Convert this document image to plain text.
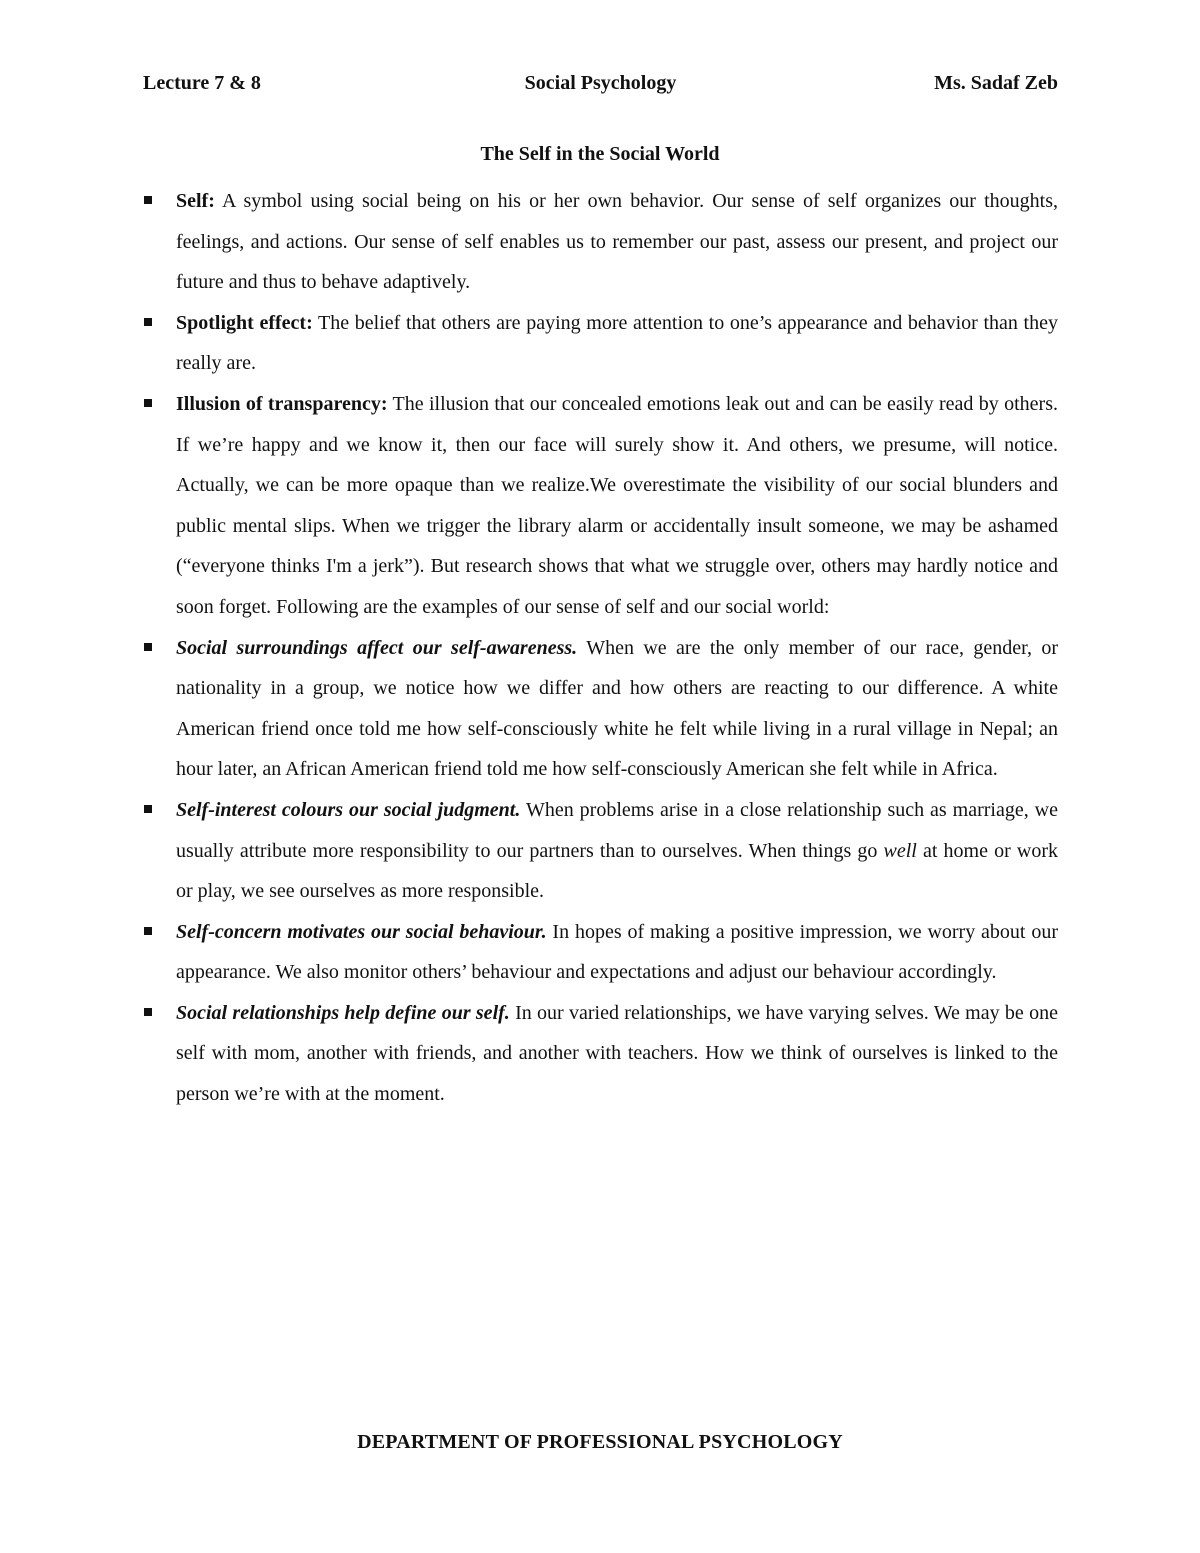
Lecture 7 & 8	Social Psychology	Ms. Sadaf Zeb
The Self in the Social World
Self: A symbol using social being on his or her own behavior. Our sense of self organizes our thoughts, feelings, and actions. Our sense of self enables us to remember our past, assess our present, and project our future and thus to behave adaptively.
Spotlight effect: The belief that others are paying more attention to one’s appearance and behavior than they really are.
Illusion of transparency: The illusion that our concealed emotions leak out and can be easily read by others. If we’re happy and we know it, then our face will surely show it. And others, we presume, will notice. Actually, we can be more opaque than we realize.We overestimate the visibility of our social blunders and public mental slips. When we trigger the library alarm or accidentally insult someone, we may be ashamed (“everyone thinks I'm a jerk”). But research shows that what we struggle over, others may hardly notice and soon forget. Following are the examples of our sense of self and our social world:
Social surroundings affect our self-awareness. When we are the only member of our race, gender, or nationality in a group, we notice how we differ and how others are reacting to our difference. A white American friend once told me how self-consciously white he felt while living in a rural village in Nepal; an hour later, an African American friend told me how self-consciously American she felt while in Africa.
Self-interest colours our social judgment. When problems arise in a close relationship such as marriage, we usually attribute more responsibility to our partners than to ourselves. When things go well at home or work or play, we see ourselves as more responsible.
Self-concern motivates our social behaviour. In hopes of making a positive impression, we worry about our appearance. We also monitor others’ behaviour and expectations and adjust our behaviour accordingly.
Social relationships help define our self. In our varied relationships, we have varying selves. We may be one self with mom, another with friends, and another with teachers. How we think of ourselves is linked to the person we’re with at the moment.
DEPARTMENT OF PROFESSIONAL PSYCHOLOGY
